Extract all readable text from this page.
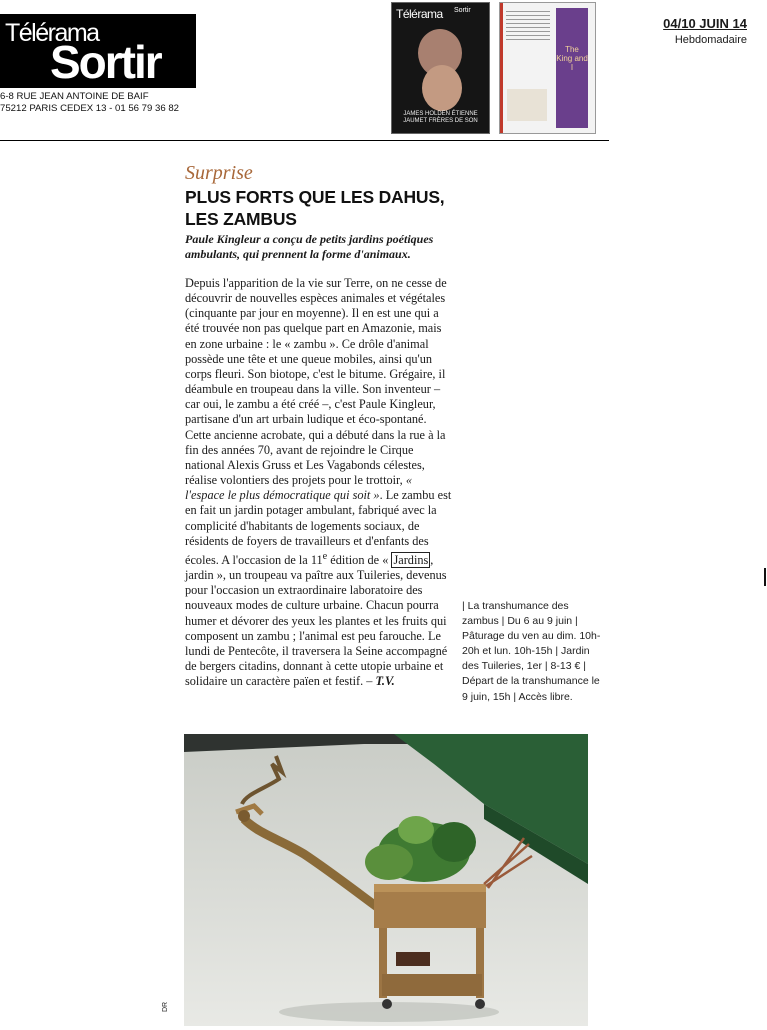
Télérama
Sortir
6-8 RUE JEAN ANTOINE DE BAIF
75212 PARIS CEDEX 13 - 01 56 79 36 82
Télérama Sortir
JAMES HOLDEN ÉTIENNE JAUMET FRÈRES DE SON
The King and I
04/10 JUIN 14
Hebdomadaire
Surprise
PLUS FORTS QUE LES DAHUS, LES ZAMBUS
Paule Kingleur a conçu de petits jardins poétiques ambulants, qui prennent la forme d'animaux.

Depuis l'apparition de la vie sur Terre, on ne cesse de découvrir de nouvelles espèces animales et végétales (cinquante par jour en moyenne). Il en est une qui a été trouvée non pas quelque part en Amazonie, mais en zone urbaine : le « zambu ». Ce drôle d'animal possède une tête et une queue mobiles, ainsi qu'un corps fleuri. Son biotope, c'est le bitume. Grégaire, il déambule en troupeau dans la ville. Son inventeur – car oui, le zambu a été créé –, c'est Paule Kingleur, partisane d'un art urbain ludique et éco-spontané. Cette ancienne acrobate, qui a débuté dans la rue à la fin des années 70, avant de rejoindre le Cirque national Alexis Gruss et Les Vagabonds célestes, réalise volontiers des projets pour le trottoir, « l'espace le plus démocratique qui soit ». Le zambu est en fait un jardin potager ambulant, fabriqué avec la complicité d'habitants de logements sociaux, de résidents de foyers de travailleurs et d'enfants des écoles. A l'occasion de la 11e édition de « Jardins , jardin », un troupeau va paître aux Tuileries, devenus pour l'occasion un extraordinaire laboratoire des nouveaux modes de culture urbaine. Chacun pourra humer et dévorer des yeux les plantes et les fruits qui composent un zambu ; l'animal est peu farouche. Le lundi de Pentecôte, il traversera la Seine accompagné de bergers citadins, donnant à cette utopie urbaine et solidaire un caractère païen et festif. – T.V.

| La transhumance des zambus | Du 6 au 9 juin | Pâturage du ven au dim. 10h-20h et lun. 10h-15h | Jardin des Tuileries, 1er | 8-13 € | Départ de la transhumance le 9 juin, 15h | Accès libre.
DR
